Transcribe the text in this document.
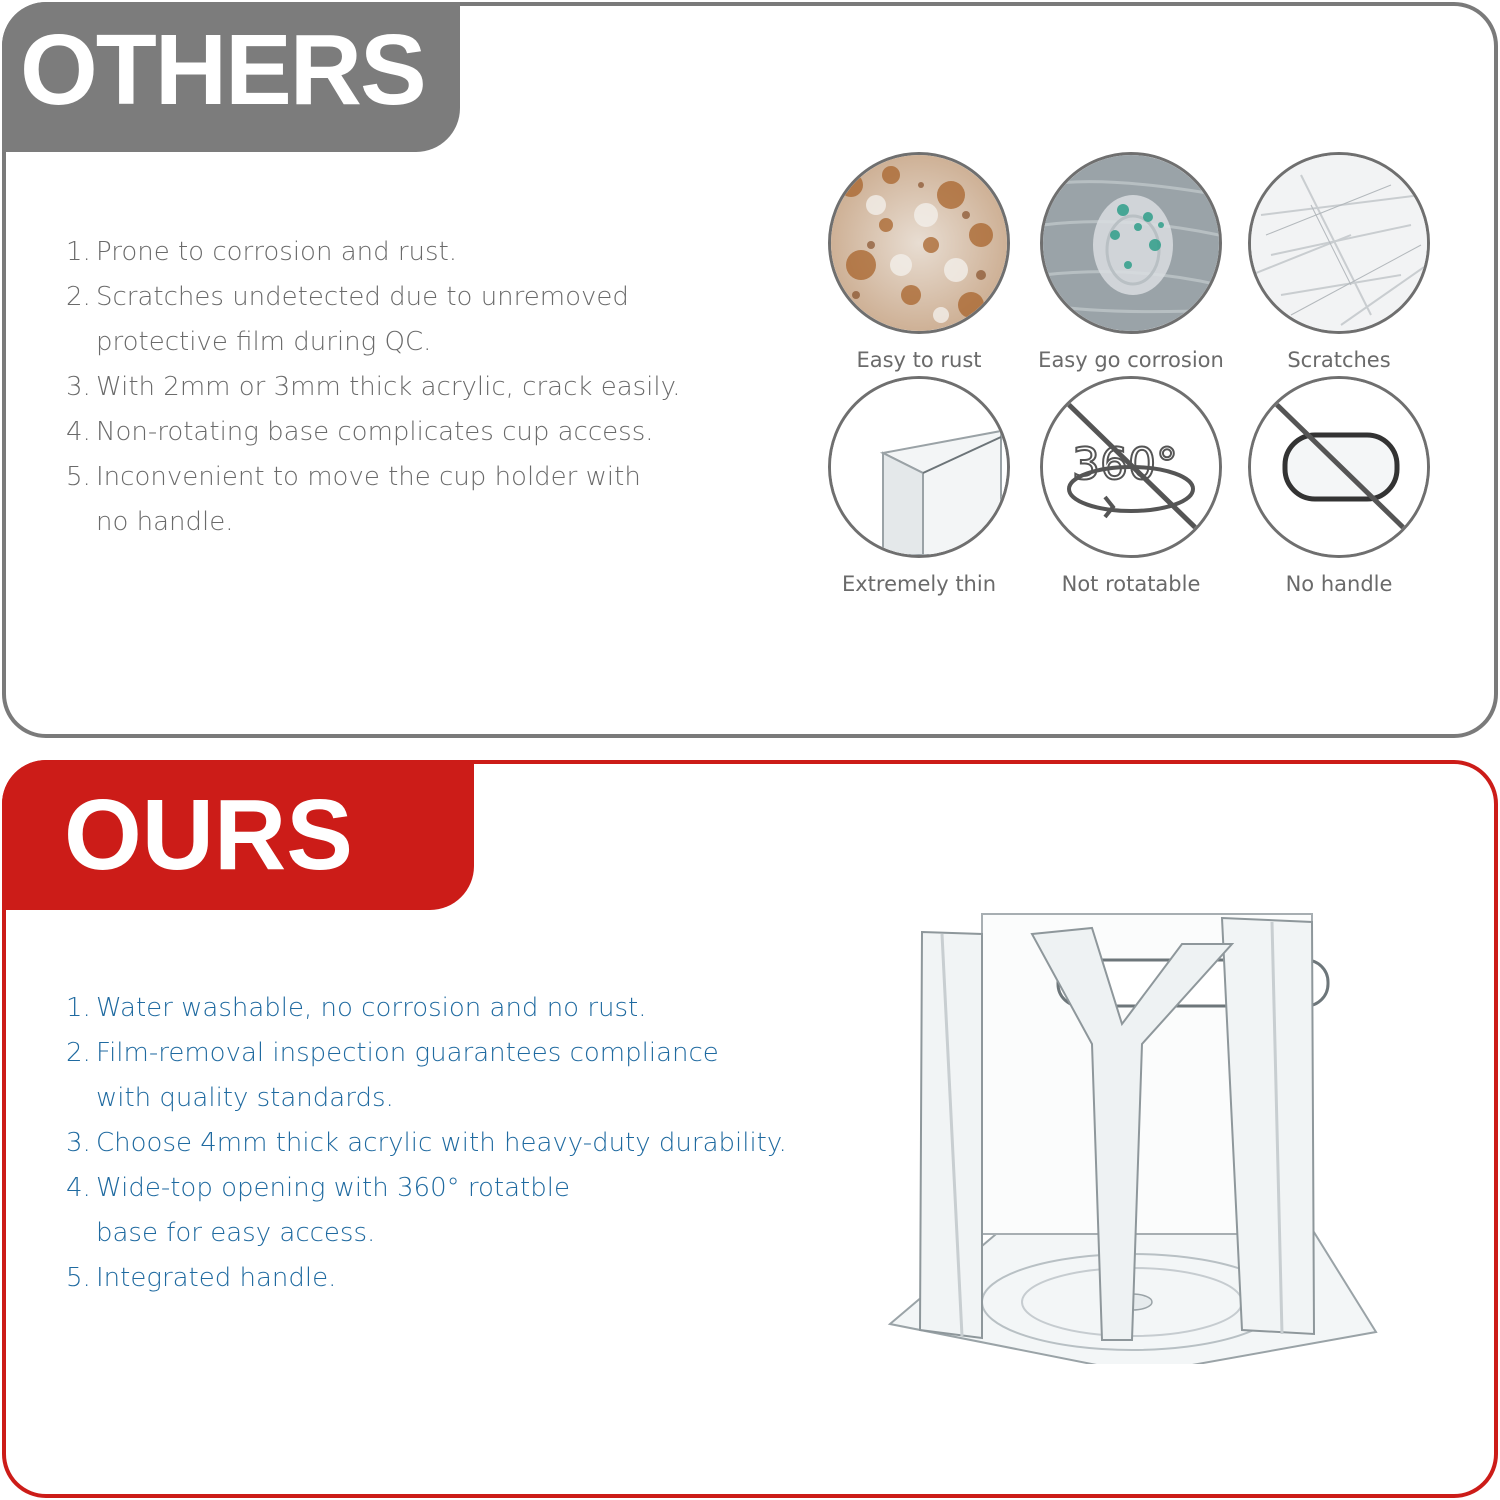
OTHERS
1. Prone to corrosion and rust.
2. Scratches undetected due to unremoved protective film during QC.
3. With 2mm or 3mm thick acrylic, crack easily.
4. Non-rotating base complicates cup access.
5. Inconvenient to move the cup holder with no handle.
Easy to rust	Easy go corrosion	Scratches
Extremely thin
360°
Not rotatable	No handle
OURS
1. Water washable, no corrosion and no rust.
2. Film-removal inspection guarantees compliance with quality standards.
3. Choose 4mm thick acrylic with heavy-duty durability.
4. Wide-top opening with 360° rotatble base for easy access.
5. Integrated handle.
